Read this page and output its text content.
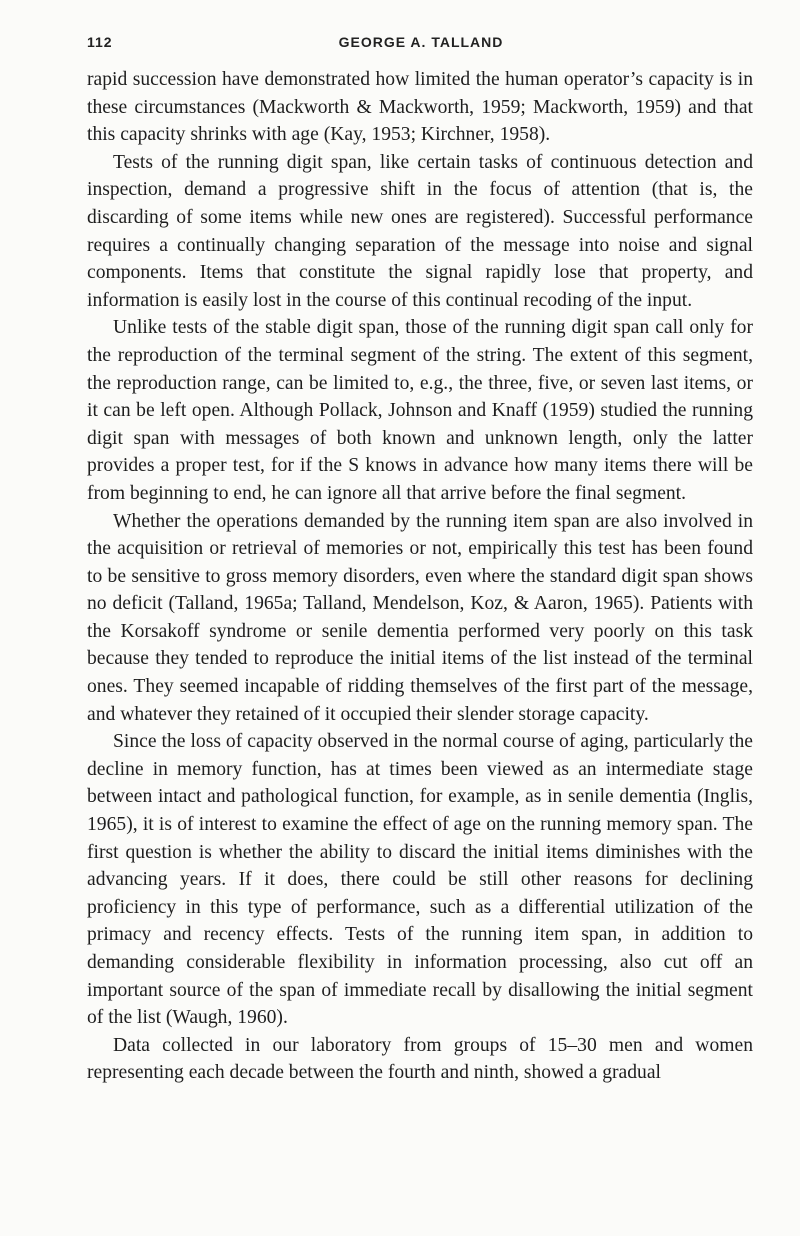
112	GEORGE A. TALLAND

rapid succession have demonstrated how limited the human operator’s capacity is in these circumstances (Mackworth & Mackworth, 1959; Mackworth, 1959) and that this capacity shrinks with age (Kay, 1953; Kirchner, 1958).

Tests of the running digit span, like certain tasks of continuous detection and inspection, demand a progressive shift in the focus of attention (that is, the discarding of some items while new ones are registered). Successful performance requires a continually changing separation of the message into noise and signal components. Items that constitute the signal rapidly lose that property, and information is easily lost in the course of this continual recoding of the input.

Unlike tests of the stable digit span, those of the running digit span call only for the reproduction of the terminal segment of the string. The extent of this segment, the reproduction range, can be limited to, e.g., the three, five, or seven last items, or it can be left open. Although Pollack, Johnson and Knaff (1959) studied the running digit span with messages of both known and unknown length, only the latter provides a proper test, for if the S knows in advance how many items there will be from beginning to end, he can ignore all that arrive before the final segment.

Whether the operations demanded by the running item span are also involved in the acquisition or retrieval of memories or not, empirically this test has been found to be sensitive to gross memory disorders, even where the standard digit span shows no deficit (Talland, 1965a; Talland, Mendelson, Koz, & Aaron, 1965). Patients with the Korsakoff syndrome or senile dementia performed very poorly on this task because they tended to reproduce the initial items of the list instead of the terminal ones. They seemed incapable of ridding themselves of the first part of the message, and whatever they retained of it occupied their slender storage capacity.

Since the loss of capacity observed in the normal course of aging, particularly the decline in memory function, has at times been viewed as an intermediate stage between intact and pathological function, for example, as in senile dementia (Inglis, 1965), it is of interest to examine the effect of age on the running memory span. The first question is whether the ability to discard the initial items diminishes with the advancing years. If it does, there could be still other reasons for declining proficiency in this type of performance, such as a differential utilization of the primacy and recency effects. Tests of the running item span, in addition to demanding considerable flexibility in information processing, also cut off an important source of the span of immediate recall by disallowing the initial segment of the list (Waugh, 1960).

Data collected in our laboratory from groups of 15–30 men and women representing each decade between the fourth and ninth, showed a gradual
